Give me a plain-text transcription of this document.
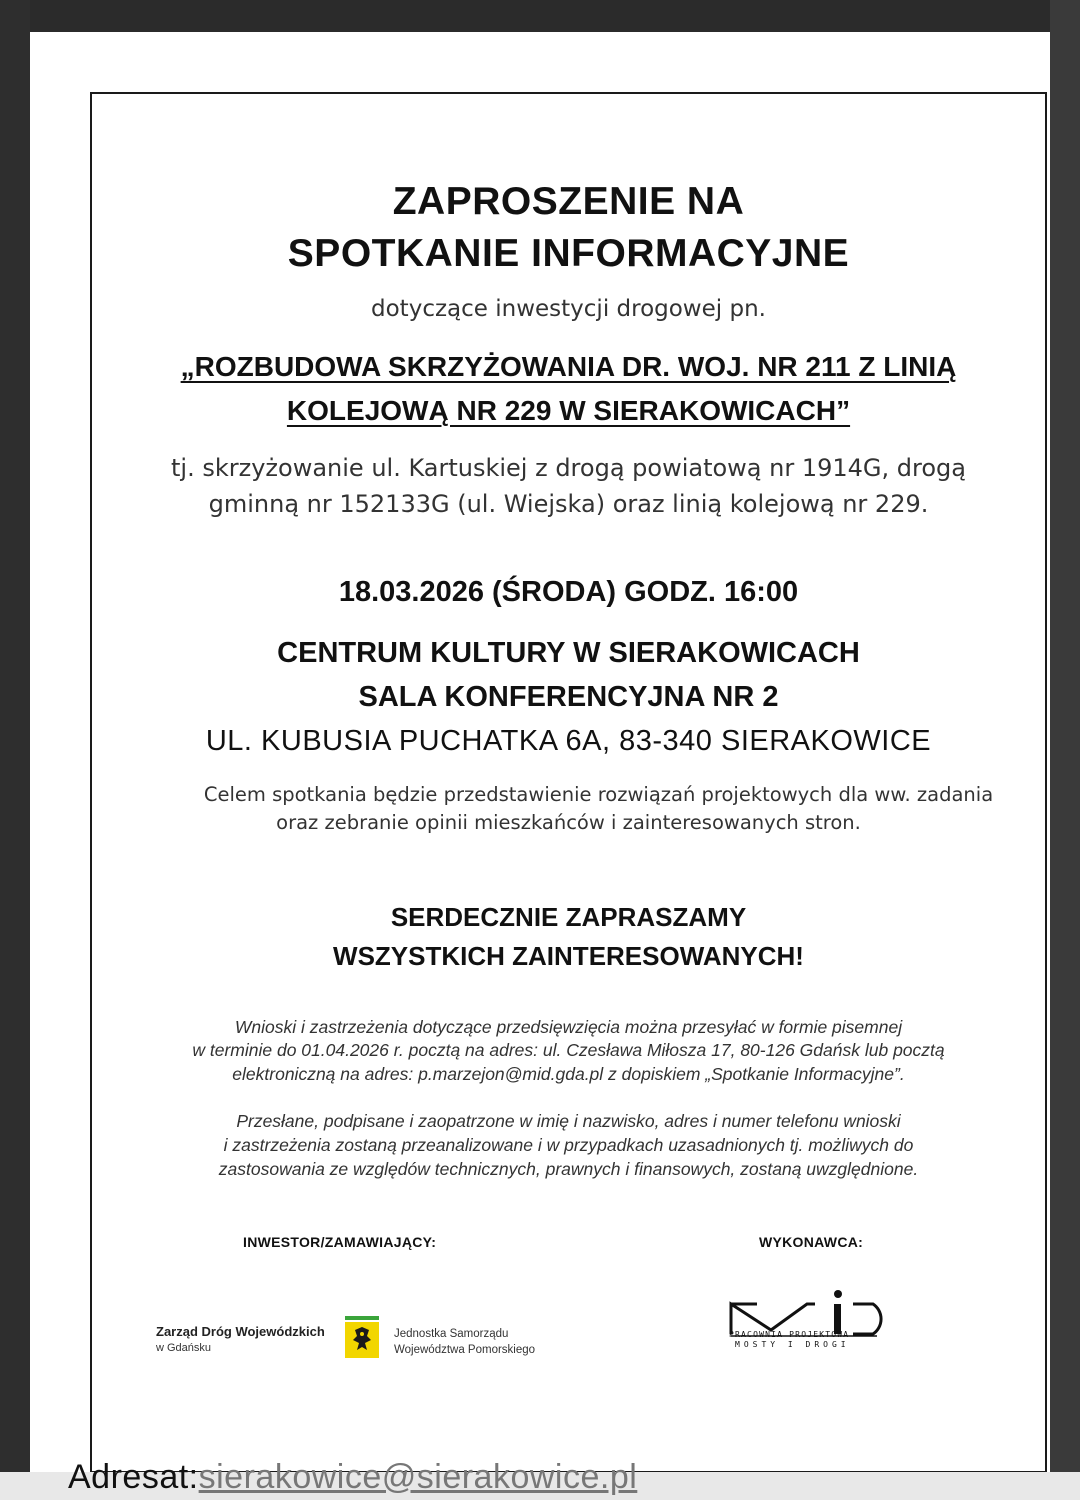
ZAPROSZENIE NA
SPOTKANIE INFORMACYJNE
dotyczące inwestycji drogowej pn.
„ROZBUDOWA SKRZYŻOWANIA DR. WOJ. NR 211 Z LINIĄ
KOLEJOWĄ NR 229 W SIERAKOWICACH”
tj. skrzyżowanie ul. Kartuskiej z drogą powiatową nr 1914G, drogą
gminną nr 152133G (ul. Wiejska) oraz linią kolejową nr 229.
18.03.2026 (ŚRODA) GODZ. 16:00
CENTRUM KULTURY W SIERAKOWICACH
SALA KONFERENCYJNA NR 2
UL. KUBUSIA PUCHATKA 6A, 83-340 SIERAKOWICE
Celem spotkania będzie przedstawienie rozwiązań projektowych dla ww. zadania
oraz zebranie opinii mieszkańców i zainteresowanych stron.
SERDECZNIE ZAPRASZAMY
WSZYSTKICH ZAINTERESOWANYCH!
Wnioski i zastrzeżenia dotyczące przedsięwzięcia można przesyłać w formie pisemnej
w terminie do 01.04.2026 r. pocztą na adres: ul. Czesława Miłosza 17, 80-126 Gdańsk lub pocztą
elektroniczną na adres: p.marzejon@mid.gda.pl z dopiskiem „Spotkanie Informacyjne”.
Przesłane, podpisane i zaopatrzone w imię i nazwisko, adres i numer telefonu wnioski
i zastrzeżenia zostaną przeanalizowane i w przypadkach uzasadnionych tj. możliwych do
zastosowania ze względów technicznych, prawnych i finansowych, zostaną uwzględnione.
INWESTOR/ZAMAWIAJĄCY:	WYKONAWCA:
Zarząd Dróg Wojewódzkich
w Gdańsku
Jednostka Samorządu
Województwa Pomorskiego
MID
PRACOWNIA PROJEKTOWA
MOSTY I DROGI
Adresat:sierakowice@sierakowice.pl
